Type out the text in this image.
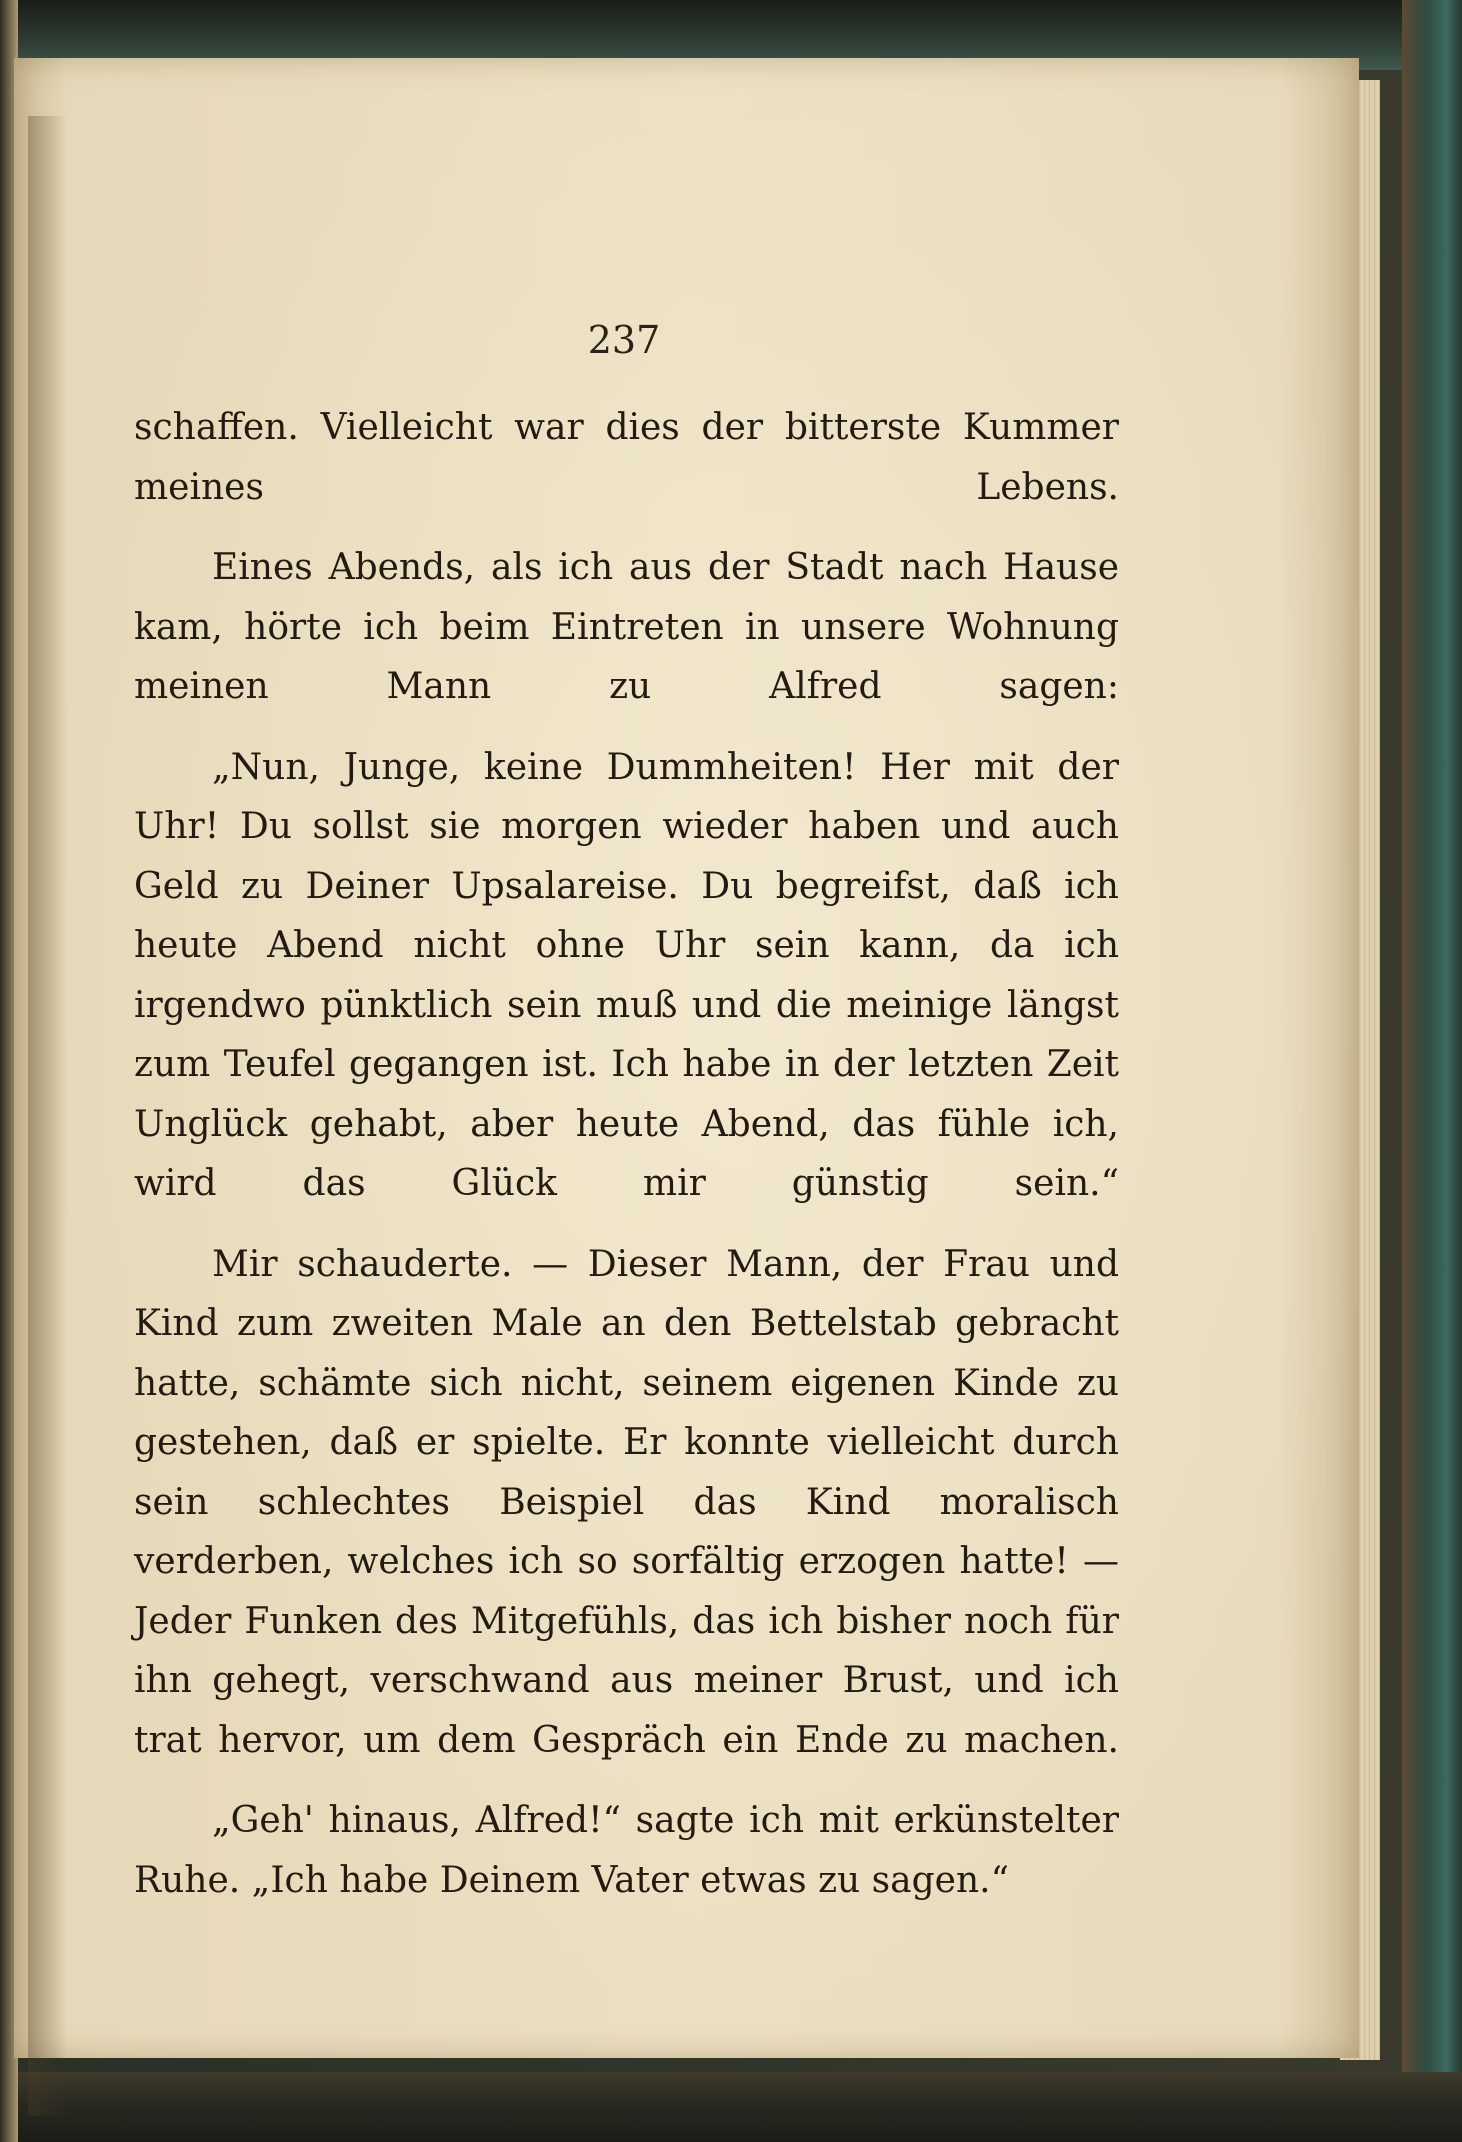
237

schaffen. Vielleicht war dies der bitterste Kummer meines Lebens.

Eines Abends, als ich aus der Stadt nach Hause kam, hörte ich beim Eintreten in unsere Wohnung meinen Mann zu Alfred sagen:

„Nun, Junge, keine Dummheiten! Her mit der Uhr! Du sollst sie morgen wieder haben und auch Geld zu Deiner Upsalareise. Du begreifst, daß ich heute Abend nicht ohne Uhr sein kann, da ich irgendwo pünktlich sein muß und die meinige längst zum Teufel gegangen ist. Ich habe in der letzten Zeit Unglück gehabt, aber heute Abend, das fühle ich, wird das Glück mir günstig sein.“

Mir schauderte. — Dieser Mann, der Frau und Kind zum zweiten Male an den Bettelstab gebracht hatte, schämte sich nicht, seinem eigenen Kinde zu gestehen, daß er spielte. Er konnte vielleicht durch sein schlechtes Beispiel das Kind moralisch verderben, welches ich so sorfältig erzogen hatte! — Jeder Funken des Mitgefühls, das ich bisher noch für ihn gehegt, verschwand aus meiner Brust, und ich trat hervor, um dem Gespräch ein Ende zu machen.

„Geh' hinaus, Alfred!“ sagte ich mit erkünstelter Ruhe. „Ich habe Deinem Vater etwas zu sagen.“
